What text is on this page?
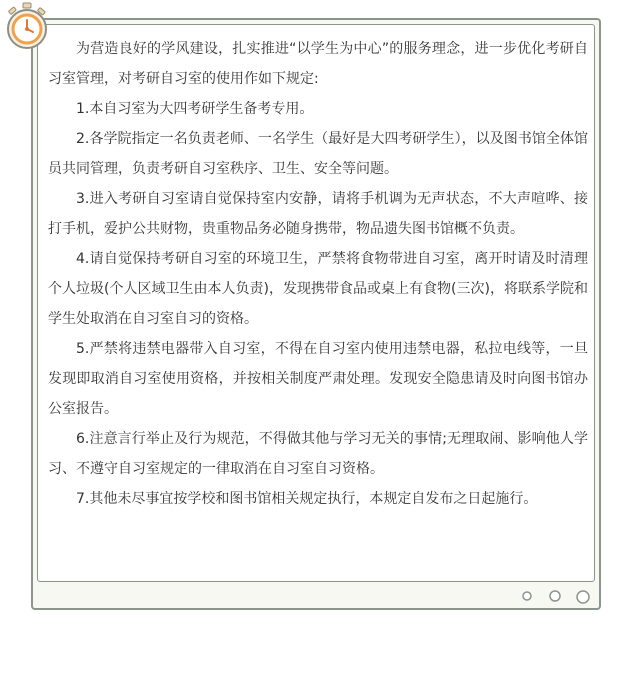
为营造良好的学风建设，扎实推进“以学生为中心”的服务理念，进一步优化考研自习室管理，对考研自习室的使用作如下规定:

1.本自习室为大四考研学生备考专用。

2.各学院指定一名负责老师、一名学生（最好是大四考研学生），以及图书馆全体馆员共同管理，负责考研自习室秩序、卫生、安全等问题。

3.进入考研自习室请自觉保持室内安静，请将手机调为无声状态，不大声喧哗、接打手机，爱护公共财物，贵重物品务必随身携带，物品遗失图书馆概不负责。

4.请自觉保持考研自习室的环境卫生，严禁将食物带进自习室，离开时请及时清理个人垃圾(个人区域卫生由本人负责)，发现携带食品或桌上有食物(三次)，将联系学院和学生处取消在自习室自习的资格。

5.严禁将违禁电器带入自习室，不得在自习室内使用违禁电器，私拉电线等，一旦发现即取消自习室使用资格，并按相关制度严肃处理。发现安全隐患请及时向图书馆办公室报告。

6.注意言行举止及行为规范，不得做其他与学习无关的事情;无理取闹、影响他人学习、不遵守自习室规定的一律取消在自习室自习资格。

7.其他未尽事宜按学校和图书馆相关规定执行，本规定自发布之日起施行。
